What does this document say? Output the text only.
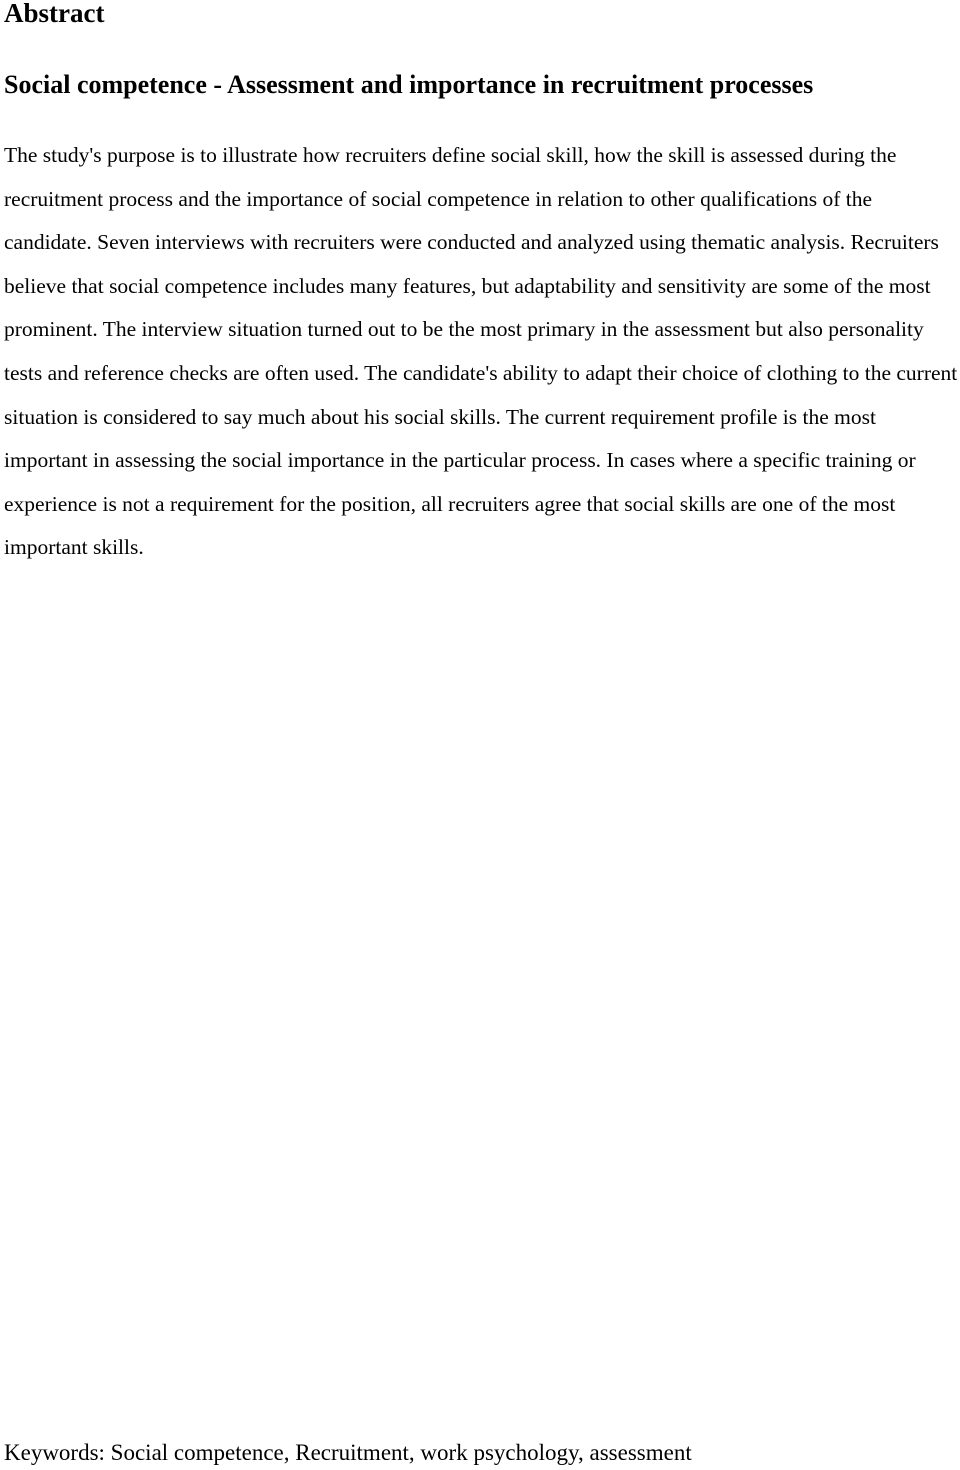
Abstract
Social competence - Assessment and importance in recruitment processes

The study's purpose is to illustrate how recruiters define social skill, how the skill is assessed during the recruitment process and the importance of social competence in relation to other qualifications of the candidate. Seven interviews with recruiters were conducted and analyzed using thematic analysis. Recruiters believe that social competence includes many features, but adaptability and sensitivity are some of the most prominent. The interview situation turned out to be the most primary in the assessment but also personality tests and reference checks are often used. The candidate's ability to adapt their choice of clothing to the current situation is considered to say much about his social skills. The current requirement profile is the most important in assessing the social importance in the particular process. In cases where a specific training or experience is not a requirement for the position, all recruiters agree that social skills are one of the most important skills.

Keywords: Social competence, Recruitment, work psychology, assessment
